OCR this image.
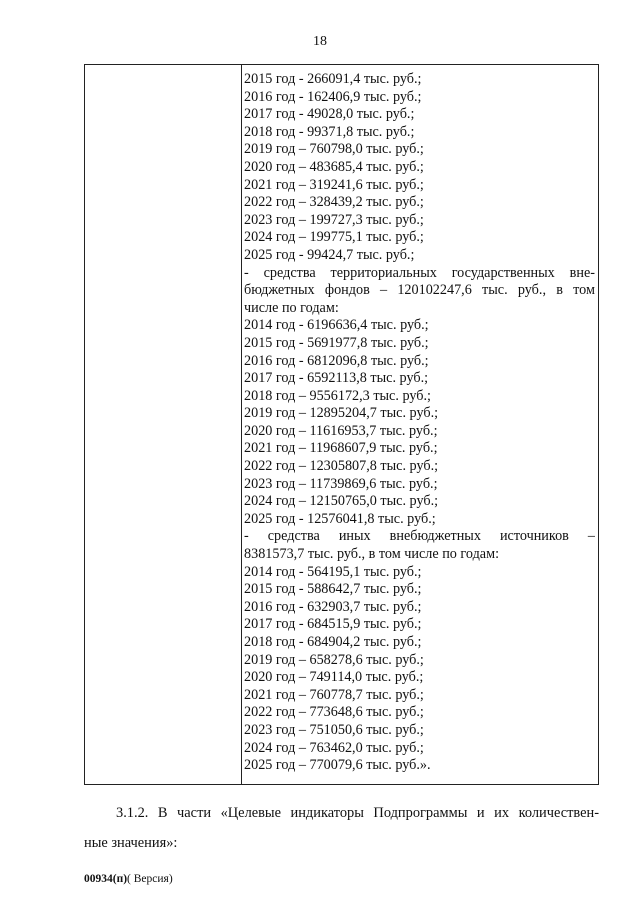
18
2015 год - 266091,4 тыс. руб.;
2016 год - 162406,9 тыс. руб.;
2017 год - 49028,0 тыс. руб.;
2018 год - 99371,8 тыс. руб.;
2019 год – 760798,0 тыс. руб.;
2020 год – 483685,4 тыс. руб.;
2021 год – 319241,6 тыс. руб.;
2022 год – 328439,2 тыс. руб.;
2023 год – 199727,3 тыс. руб.;
2024 год – 199775,1 тыс. руб.;
2025 год - 99424,7 тыс. руб.;
- средства территориальных государственных вне-
бюджетных фондов – 120102247,6 тыс. руб., в том
числе по годам:
2014 год - 6196636,4 тыс. руб.;
2015 год - 5691977,8 тыс. руб.;
2016 год - 6812096,8 тыс. руб.;
2017 год - 6592113,8 тыс. руб.;
2018 год – 9556172,3 тыс. руб.;
2019 год – 12895204,7 тыс. руб.;
2020 год – 11616953,7 тыс. руб.;
2021 год – 11968607,9 тыс. руб.;
2022 год – 12305807,8 тыс. руб.;
2023 год – 11739869,6 тыс. руб.;
2024 год – 12150765,0 тыс. руб.;
2025 год - 12576041,8 тыс. руб.;
- средства иных внебюджетных источников –
8381573,7 тыс. руб., в том числе по годам:
2014 год - 564195,1 тыс. руб.;
2015 год - 588642,7 тыс. руб.;
2016 год - 632903,7 тыс. руб.;
2017 год - 684515,9 тыс. руб.;
2018 год - 684904,2 тыс. руб.;
2019 год – 658278,6 тыс. руб.;
2020 год – 749114,0 тыс. руб.;
2021 год – 760778,7 тыс. руб.;
2022 год – 773648,6 тыс. руб.;
2023 год – 751050,6 тыс. руб.;
2024 год – 763462,0 тыс. руб.;
2025 год – 770079,6 тыс. руб.».
3.1.2. В части «Целевые индикаторы Подпрограммы и их количествен-
ные значения»:
00934(п)( Версия)
